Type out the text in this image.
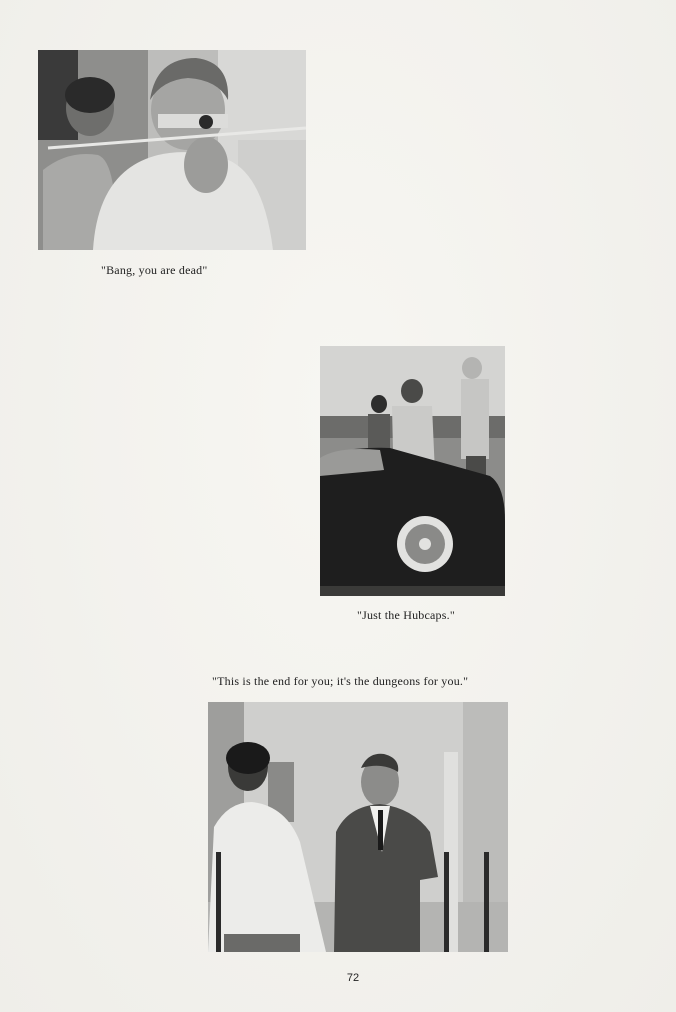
"Bang, you are dead"
"Just the Hubcaps."
"This is the end for you; it's the dungeons for you."
72
